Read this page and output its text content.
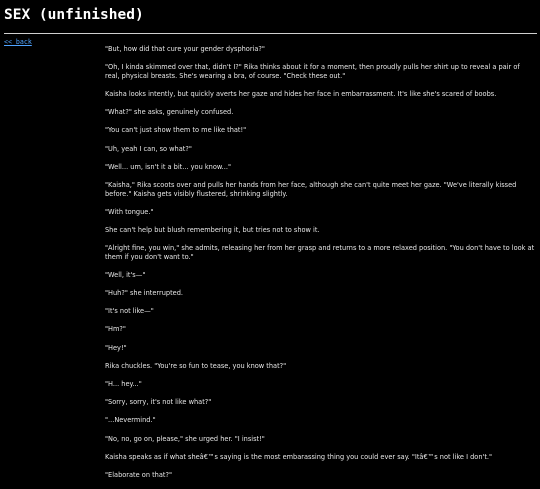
SEX (unfinished)
<< back

"But, how did that cure your gender dysphoria?"

"Oh, I kinda skimmed over that, didn't I?" Rika thinks about it for a moment, then proudly pulls her shirt up to reveal a pair of real, physical breasts. She's wearing a bra, of course. "Check these out."

Kaisha looks intently, but quickly averts her gaze and hides her face in embarrassment. It's like she's scared of boobs.

"What?" she asks, genuinely confused.

"You can't just show them to me like that!"

"Uh, yeah I can, so what?"

"Well... um, isn't it a bit... you know..."

"Kaisha," Rika scoots over and pulls her hands from her face, although she can't quite meet her gaze. "We've literally kissed before." Kaisha gets visibly flustered, shrinking slightly.

"With tongue."

She can't help but blush remembering it, but tries not to show it.

"Alright fine, you win," she admits, releasing her from her grasp and returns to a more relaxed position. "You don't have to look at them if you don't want to."

"Well, it's—"

"Huh?" she interrupted.

"It's not like—"

"Hm?"

"Hey!"

Rika chuckles. "You're so fun to tease, you know that?"

"H... hey..."

"Sorry, sorry, it's not like what?"

"...Nevermind."

"No, no, go on, please," she urged her. "I insist!"

Kaisha speaks as if what sheâ€™s saying is the most embarassing thing you could ever say. "Itâ€™s not like I don't."

"Elaborate on that?"
